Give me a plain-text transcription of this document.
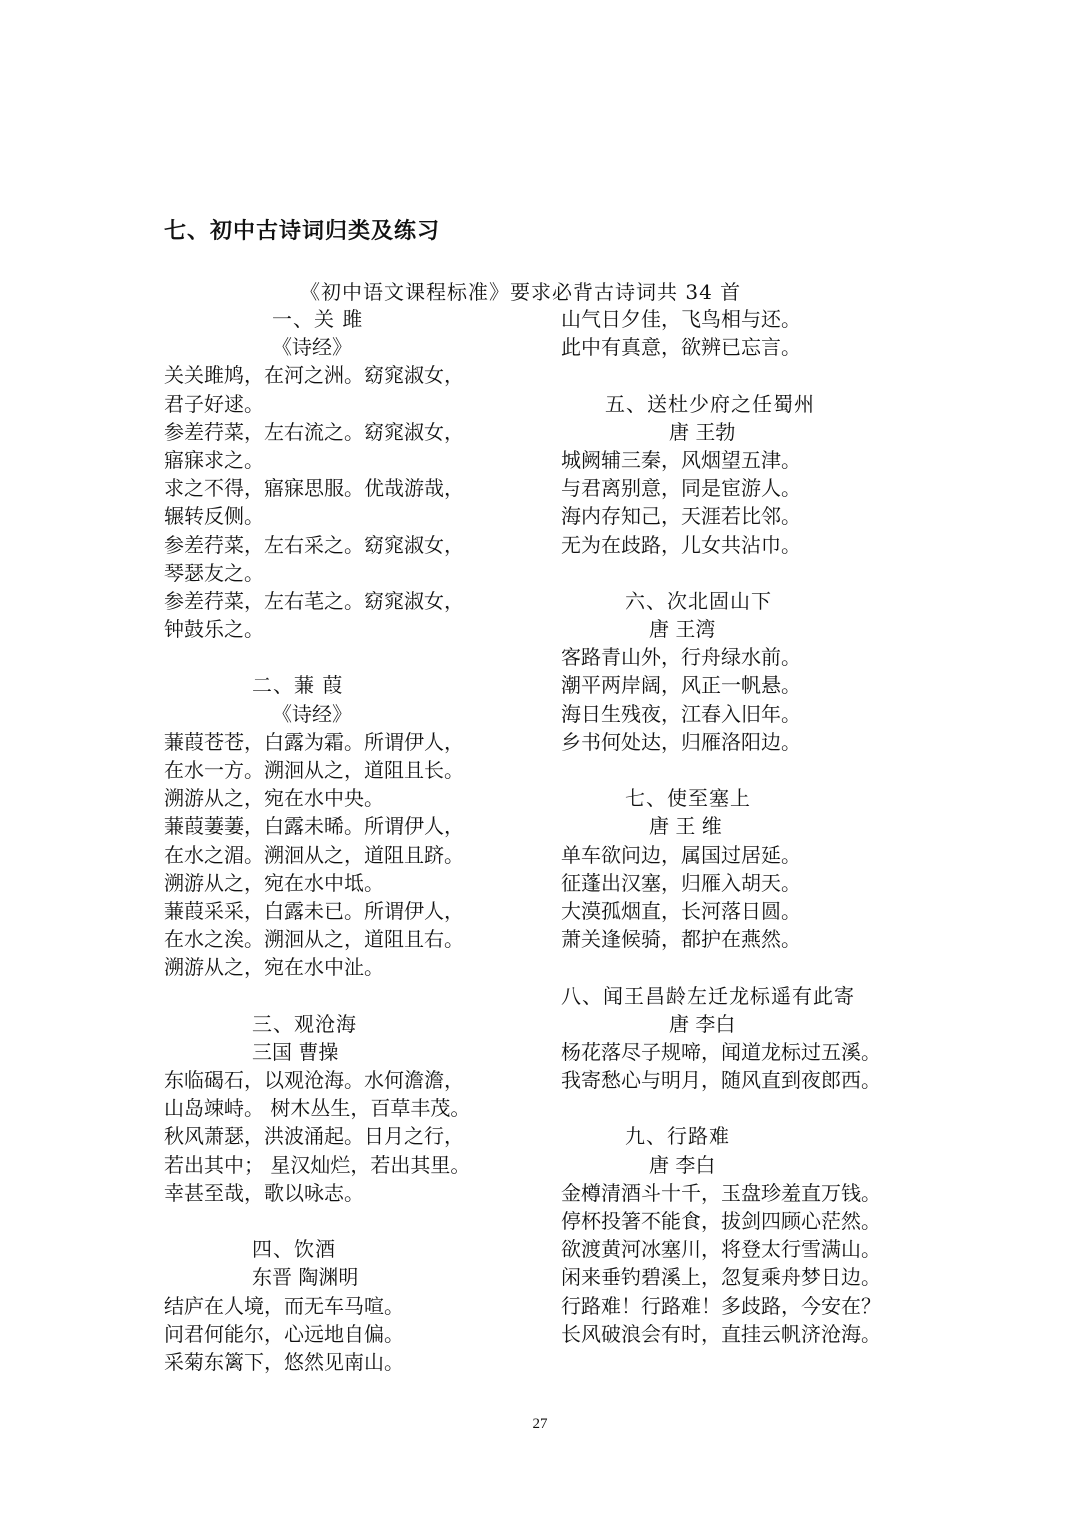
七、初中古诗词归类及练习
《初中语文课程标准》要求必背古诗词共 34 首
一、关 雎
《诗经》
关关雎鸠，在河之洲。窈窕淑女，
君子好逑。
参差荇菜，左右流之。窈窕淑女，
寤寐求之。
求之不得，寤寐思服。优哉游哉，
辗转反侧。
参差荇菜，左右采之。窈窕淑女，
琴瑟友之。
参差荇菜，左右芼之。窈窕淑女，
钟鼓乐之。
二、蒹 葭
《诗经》
蒹葭苍苍，白露为霜。所谓伊人，
在水一方。溯洄从之，道阻且长。
溯游从之，宛在水中央。
蒹葭萋萋，白露未晞。所谓伊人，
在水之湄。溯洄从之，道阻且跻。
溯游从之，宛在水中坻。
蒹葭采采，白露未已。所谓伊人，
在水之涘。溯洄从之，道阻且右。
溯游从之，宛在水中沚。
三、观沧海
三国 曹操
东临碣石，以观沧海。水何澹澹，
山岛竦峙。 树木丛生，百草丰茂。
秋风萧瑟，洪波涌起。日月之行，
若出其中； 星汉灿烂，若出其里。
幸甚至哉，歌以咏志。
四、饮酒
东晋 陶渊明
结庐在人境，而无车马喧。
问君何能尔，心远地自偏。
采菊东篱下，悠然见南山。
山气日夕佳，飞鸟相与还。
此中有真意，欲辨已忘言。
五、送杜少府之任蜀州
唐 王勃
城阙辅三秦，风烟望五津。
与君离别意，同是宦游人。
海内存知己，天涯若比邻。
无为在歧路，儿女共沾巾。
六、次北固山下
唐 王湾
客路青山外，行舟绿水前。
潮平两岸阔，风正一帆悬。
海日生残夜，江春入旧年。
乡书何处达，归雁洛阳边。
七、使至塞上
唐 王 维
单车欲问边，属国过居延。
征蓬出汉塞，归雁入胡天。
大漠孤烟直，长河落日圆。
萧关逢候骑，都护在燕然。
八、闻王昌龄左迁龙标遥有此寄
唐 李白
杨花落尽子规啼，闻道龙标过五溪。
我寄愁心与明月，随风直到夜郎西。
九、行路难
唐 李白
金樽清酒斗十千，玉盘珍羞直万钱。
停杯投箸不能食，拔剑四顾心茫然。
欲渡黄河冰塞川，将登太行雪满山。
闲来垂钓碧溪上，忽复乘舟梦日边。
行路难！行路难！多歧路，今安在？
长风破浪会有时，直挂云帆济沧海。
27
